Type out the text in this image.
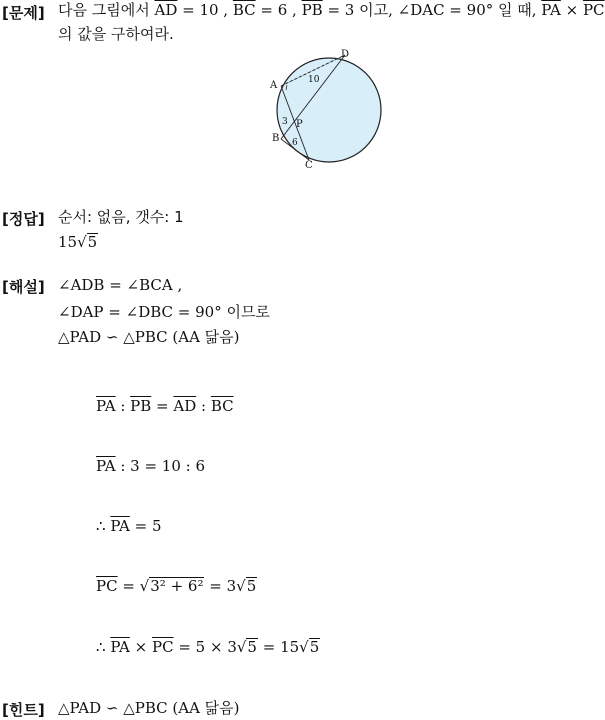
[문제] 다음 그림에서 $\overline{AD} = 10$ , $\overline{BC} = 6$ , $\overline{PB} = 3$ 이고, ∠DAC = 90° 일 때, $\overline{PA} \times \overline{PC}$
의 값을 구하여라.
A
D
P
B
C
10
3
6
[정답] 순서: 없음, 갯수: 1
15√5
[해설] ∠ADB = ∠BCA ,
∠DAP = ∠DBC = 90° 이므로
△PAD ∽ △PBC (AA 닮음)
$\overline{PA}$ : $\overline{PB} = \overline{AD}$ : $\overline{BC}$
$\overline{PA}$ : 3 = 10 : 6
∴ $\overline{PA} = 5$
$\overline{PC} = √3^2 + 6^2 = 3√5$
∴ $\overline{PA} \times \overline{PC} = 5 \times 3√5 = 15√5$
[힌트] △PAD ∽ △PBC (AA 닮음)
